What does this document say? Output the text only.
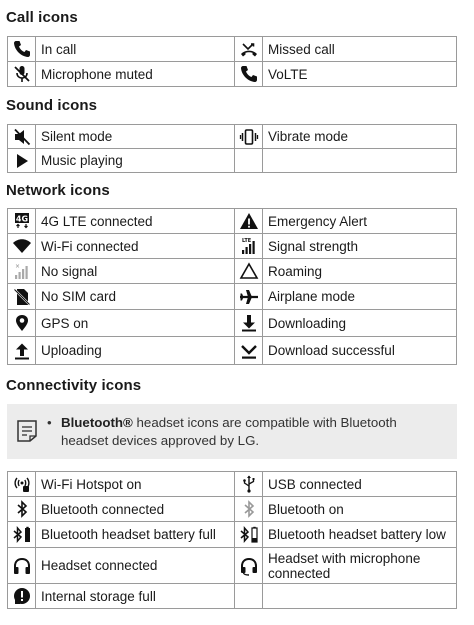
Call icons
	In call		Missed call

	Microphone muted		VoLTE
Sound icons
	Silent mode		Vibrate mode

	Music playing		
Network icons
4G	4G LTE connected		Emergency Alert

	Wi-Fi connected	LTE	Signal strength

×	No signal		Roaming

	No SIM card		Airplane mode

	GPS on		Downloading

	Uploading		Download successful
Connectivity icons
• Bluetooth® headset icons are compatible with Bluetooth headset devices approved by LG.
	Wi-Fi Hotspot on		USB connected

	Bluetooth connected		Bluetooth on

	Bluetooth headset battery full		Bluetooth headset battery low

	Headset connected		Headset with microphone connected

	Internal storage full		
